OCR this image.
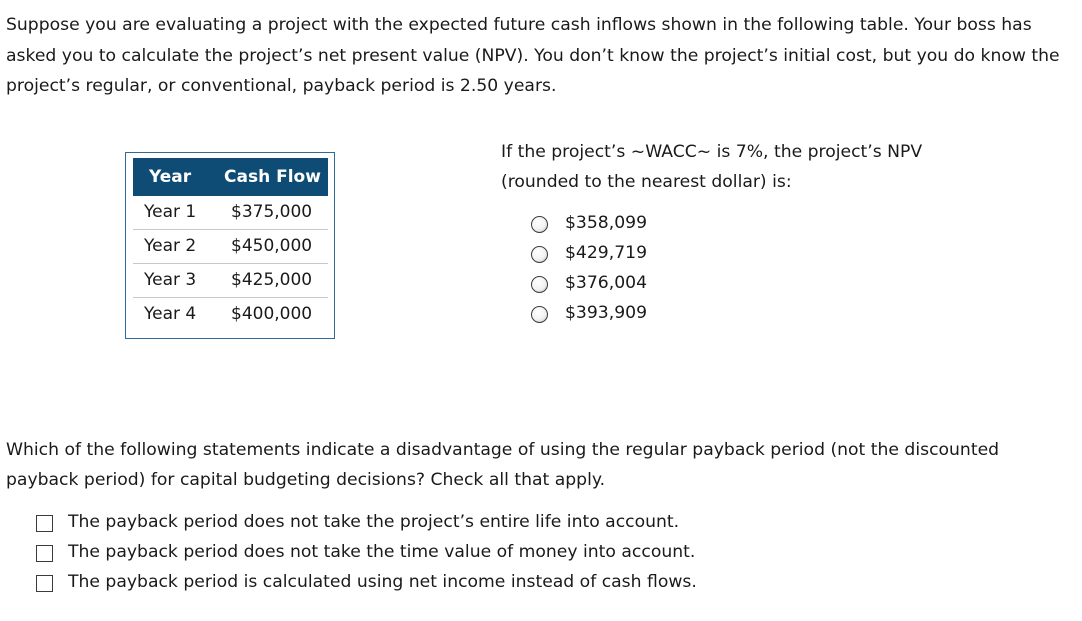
Suppose you are evaluating a project with the expected future cash inflows shown in the following table. Your boss has asked you to calculate the project’s net present value (NPV). You don’t know the project’s initial cost, but you do know the project’s regular, or conventional, payback period is 2.50 years.

Year Cash Flow
Year 1 $375,000
Year 2 $450,000
Year 3 $425,000
Year 4 $400,000

If the project’s ~WACC~ is 7%, the project’s NPV
(rounded to the nearest dollar) is:

$358,099
$429,719
$376,004
$393,909

Which of the following statements indicate a disadvantage of using the regular payback period (not the discounted payback period) for capital budgeting decisions? Check all that apply.

The payback period does not take the project’s entire life into account.
The payback period does not take the time value of money into account.
The payback period is calculated using net income instead of cash flows.
